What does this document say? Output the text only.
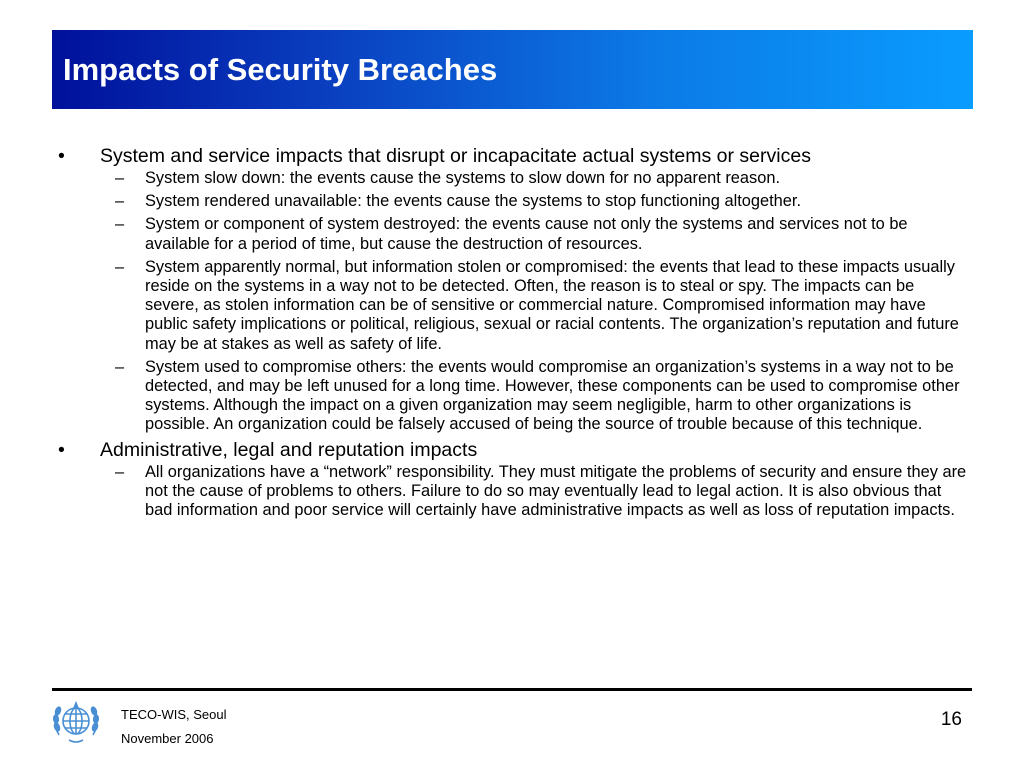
Impacts of Security Breaches
• System and service impacts that disrupt or incapacitate actual systems or services
– System slow down: the events cause the systems to slow down for no apparent reason.
– System rendered unavailable: the events cause the systems to stop functioning altogether.
– System or component of system destroyed: the events cause not only the systems and services not to be available for a period of time, but cause the destruction of resources.
– System apparently normal, but information stolen or compromised: the events that lead to these impacts usually reside on the systems in a way not to be detected. Often, the reason is to steal or spy. The impacts can be severe, as stolen information can be of sensitive or commercial nature. Compromised information may have public safety implications or political, religious, sexual or racial contents. The organization’s reputation and future may be at stakes as well as safety of life.
– System used to compromise others: the events would compromise an organization’s systems in a way not to be detected, and may be left unused for a long time. However, these components can be used to compromise other systems. Although the impact on a given organization may seem negligible, harm to other organizations is possible. An organization could be falsely accused of being the source of trouble because of this technique.
• Administrative, legal and reputation impacts
– All organizations have a “network” responsibility. They must mitigate the problems of security and ensure they are not the cause of problems to others. Failure to do so may eventually lead to legal action. It is also obvious that bad information and poor service will certainly have administrative impacts as well as loss of reputation impacts.
TECO-WIS, Seoul
November 2006
16
